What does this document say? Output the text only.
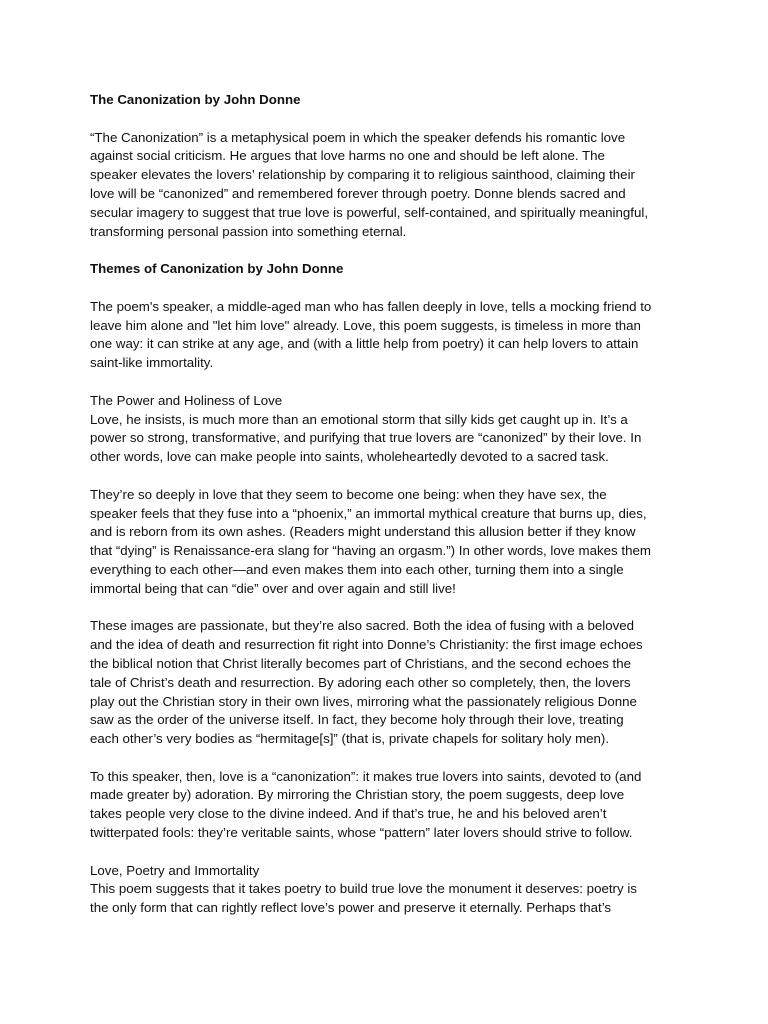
The Canonization by John Donne
“The Canonization” is a metaphysical poem in which the speaker defends his romantic love
against social criticism. He argues that love harms no one and should be left alone. The
speaker elevates the lovers’ relationship by comparing it to religious sainthood, claiming their
love will be “canonized” and remembered forever through poetry. Donne blends sacred and
secular imagery to suggest that true love is powerful, self-contained, and spiritually meaningful,
transforming personal passion into something eternal.
Themes of Canonization by John Donne
The poem's speaker, a middle-aged man who has fallen deeply in love, tells a mocking friend to
leave him alone and "let him love" already. Love, this poem suggests, is timeless in more than
one way: it can strike at any age, and (with a little help from poetry) it can help lovers to attain
saint-like immortality.
The Power and Holiness of Love
Love, he insists, is much more than an emotional storm that silly kids get caught up in. It’s a
power so strong, transformative, and purifying that true lovers are “canonized” by their love. In
other words, love can make people into saints, wholeheartedly devoted to a sacred task.
They’re so deeply in love that they seem to become one being: when they have sex, the
speaker feels that they fuse into a “phoenix,” an immortal mythical creature that burns up, dies,
and is reborn from its own ashes. (Readers might understand this allusion better if they know
that “dying” is Renaissance-era slang for “having an orgasm.”) In other words, love makes them
everything to each other—and even makes them into each other, turning them into a single
immortal being that can “die” over and over again and still live!
These images are passionate, but they’re also sacred. Both the idea of fusing with a beloved
and the idea of death and resurrection fit right into Donne’s Christianity: the first image echoes
the biblical notion that Christ literally becomes part of Christians, and the second echoes the
tale of Christ’s death and resurrection. By adoring each other so completely, then, the lovers
play out the Christian story in their own lives, mirroring what the passionately religious Donne
saw as the order of the universe itself. In fact, they become holy through their love, treating
each other’s very bodies as “hermitage[s]” (that is, private chapels for solitary holy men).
To this speaker, then, love is a “canonization”: it makes true lovers into saints, devoted to (and
made greater by) adoration. By mirroring the Christian story, the poem suggests, deep love
takes people very close to the divine indeed. And if that’s true, he and his beloved aren’t
twitterpated fools: they’re veritable saints, whose “pattern” later lovers should strive to follow.
Love, Poetry and Immortality
This poem suggests that it takes poetry to build true love the monument it deserves: poetry is
the only form that can rightly reflect love’s power and preserve it eternally. Perhaps that’s
